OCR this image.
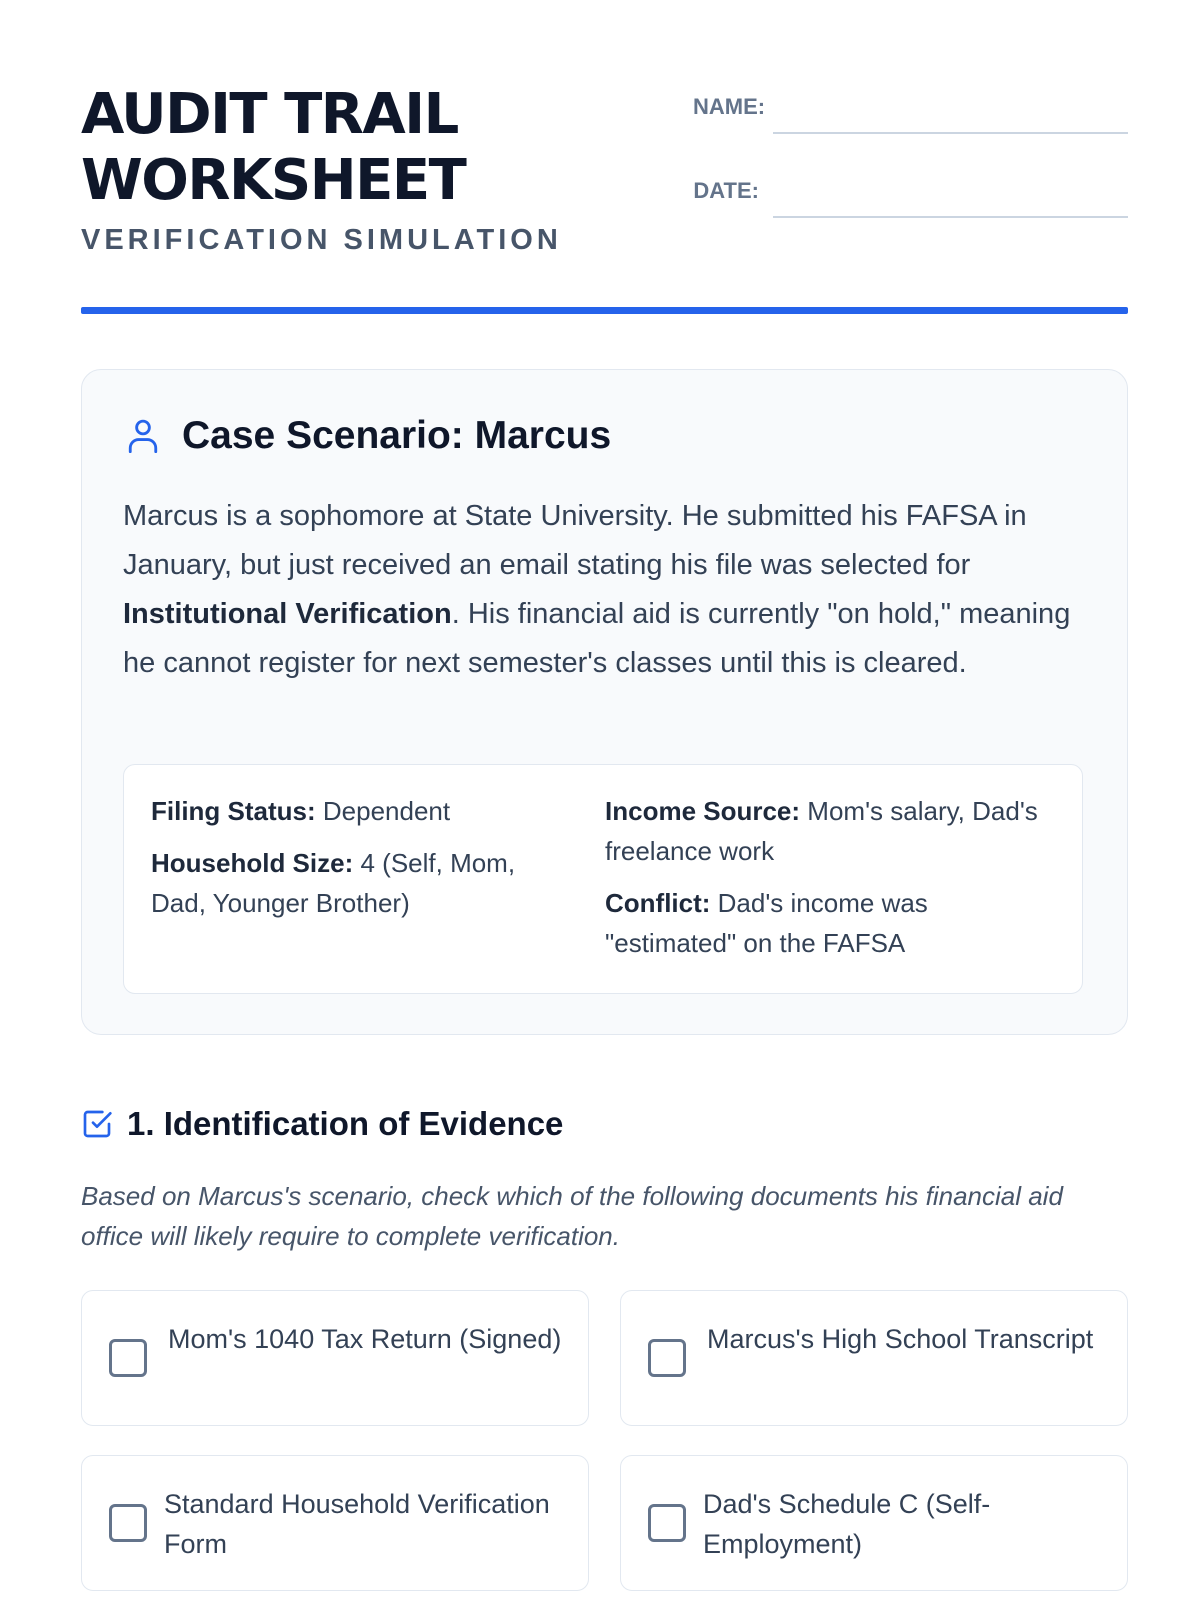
AUDIT TRAIL
WORKSHEET
VERIFICATION SIMULATION
NAME:
DATE:
Case Scenario: Marcus
Marcus is a sophomore at State University. He submitted his FAFSA in January, but just received an email stating his file was selected for Institutional Verification. His financial aid is currently "on hold," meaning he cannot register for next semester's classes until this is cleared.
Filing Status: Dependent
Household Size: 4 (Self, Mom, Dad, Younger Brother)
Income Source: Mom's salary, Dad's freelance work
Conflict: Dad's income was "estimated" on the FAFSA
1. Identification of Evidence
Based on Marcus's scenario, check which of the following documents his financial aid office will likely require to complete verification.
Mom's 1040 Tax Return (Signed)	Marcus's High School Transcript
Standard Household Verification Form
Dad's Schedule C (Self-Employment)
